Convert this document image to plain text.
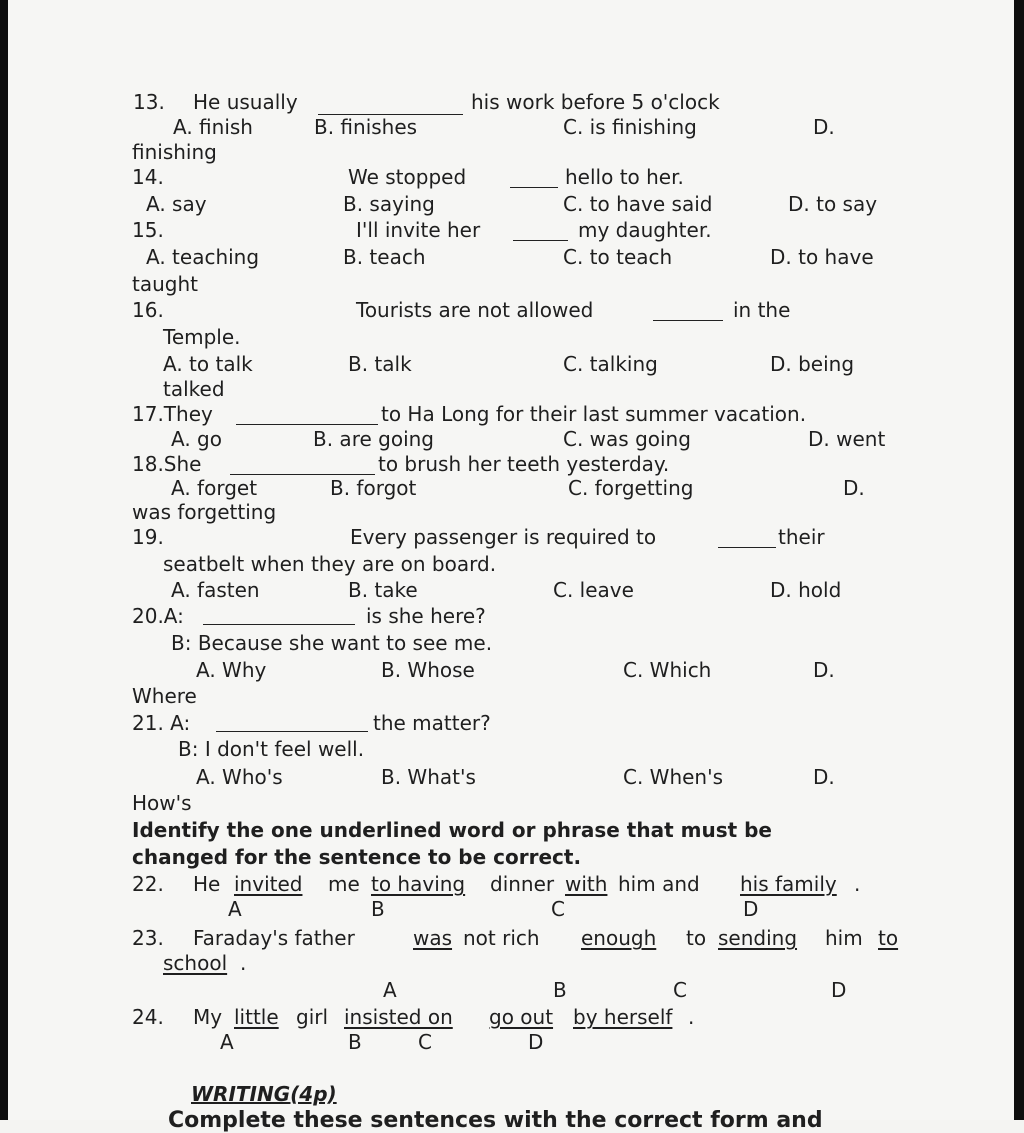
13. He usually	his work before 5 o'clock
A. finish	B. finishes	C. is finishing	D.
finishing
14.	We stopped	hello to her.
A. say	B. saying	C. to have said	D. to say
15.	I'll invite her	my daughter.
A. teaching	B. teach	C. to teach	D. to have
taught
16.	Tourists are not allowed	in the
Temple.
A. to talk	B. talk	C. talking	D. being
talked
17.They	to Ha Long for their last summer vacation.
A. go	B. are going	C. was going	D. went
18.She	to brush her teeth yesterday.
A. forget	B. forgot	C. forgetting	D.
was forgetting
19.	Every passenger is required to	their
seatbelt when they are on board.
A. fasten	B. take	C. leave	D. hold
20.A:	is she here?
B: Because she want to see me.
A. Why	B. Whose	C. Which	D.
Where
21. A:	the matter?
B: I don't feel well.
A. Who's	B. What's	C. When's	D.
How's
Identify the one underlined word or phrase that must be
changed for the sentence to be correct.
22. He invited me to having dinner with him and his family .
A	B	C	D
23. Faraday's father	was not rich enough to sending him to
school .
A	B	C	D
24. My little girl insisted on go out by herself .
A	B	C	D
WRITING(4p)
Complete these sentences with the correct form and
